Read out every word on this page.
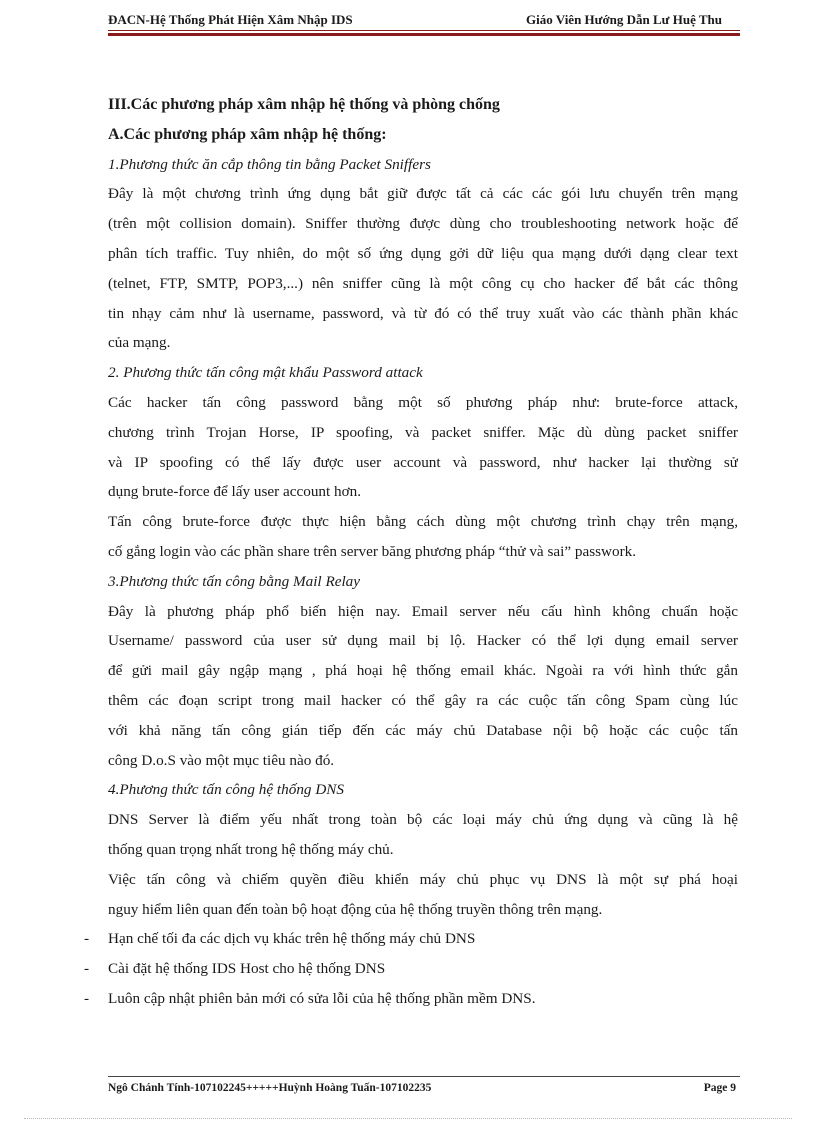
ĐACN-Hệ Thống Phát Hiện Xâm Nhập IDS	Giáo Viên Hướng Dẫn Lư Huệ Thu
III.Các phương pháp xâm nhập hệ thống và phòng chống
A.Các phương pháp xâm nhập hệ thống:
1.Phương thức ăn cắp thông tin bằng Packet Sniffers
Đây là một chương trình ứng dụng bắt giữ được tất cả các các gói lưu chuyển trên mạng
(trên một collision domain). Sniffer thường được dùng cho troubleshooting network hoặc để
phân tích traffic. Tuy nhiên, do một số ứng dụng gởi dữ liệu qua mạng dưới dạng clear text
(telnet, FTP, SMTP, POP3,...) nên sniffer cũng là một công cụ cho hacker để bắt các thông
tin nhạy cảm như là username, password, và từ đó có thể truy xuất vào các thành phần khác
của mạng.
2. Phương thức tấn công mật khẩu Password attack
Các hacker tấn công password bằng một số phương pháp như: brute-force attack,
chương trình Trojan Horse, IP spoofing, và packet sniffer. Mặc dù dùng packet sniffer
và IP spoofing có thể lấy được user account và password, như hacker lại thường sử
dụng brute-force để lấy user account hơn.
Tấn công brute-force được thực hiện bằng cách dùng một chương trình chạy trên mạng,
cố gắng login vào các phần share trên server băng phương pháp “thử và sai” passwork.
3.Phương thức tấn công bằng Mail Relay
Đây là phương pháp phổ biến hiện nay. Email server nếu cấu hình không chuẩn hoặc
Username/ password của user sử dụng mail bị lộ. Hacker có thể lợi dụng email server
để gửi mail gây ngập mạng , phá hoại hệ thống email khác. Ngoài ra với hình thức gắn
thêm các đoạn script trong mail hacker có thể gây ra các cuộc tấn công Spam cùng lúc
với khả năng tấn công gián tiếp đến các máy chủ Database nội bộ hoặc các cuộc tấn
công D.o.S vào một mục tiêu nào đó.
4.Phương thức tấn công hệ thống DNS
DNS Server là điểm yếu nhất trong toàn bộ các loại máy chủ ứng dụng và cũng là hệ
thống quan trọng nhất trong hệ thống máy chủ.
Việc tấn công và chiếm quyền điều khiển máy chủ phục vụ DNS là một sự phá hoại
nguy hiểm liên quan đến toàn bộ hoạt động của hệ thống truyền thông trên mạng.
- Hạn chế tối đa các dịch vụ khác trên hệ thống máy chủ DNS
- Cài đặt hệ thống IDS Host cho hệ thống DNS
- Luôn cập nhật phiên bản mới có sửa lỗi của hệ thống phần mềm DNS.
Ngô Chánh Tính-107102245+++++Huỳnh Hoàng Tuấn-107102235	Page 9
